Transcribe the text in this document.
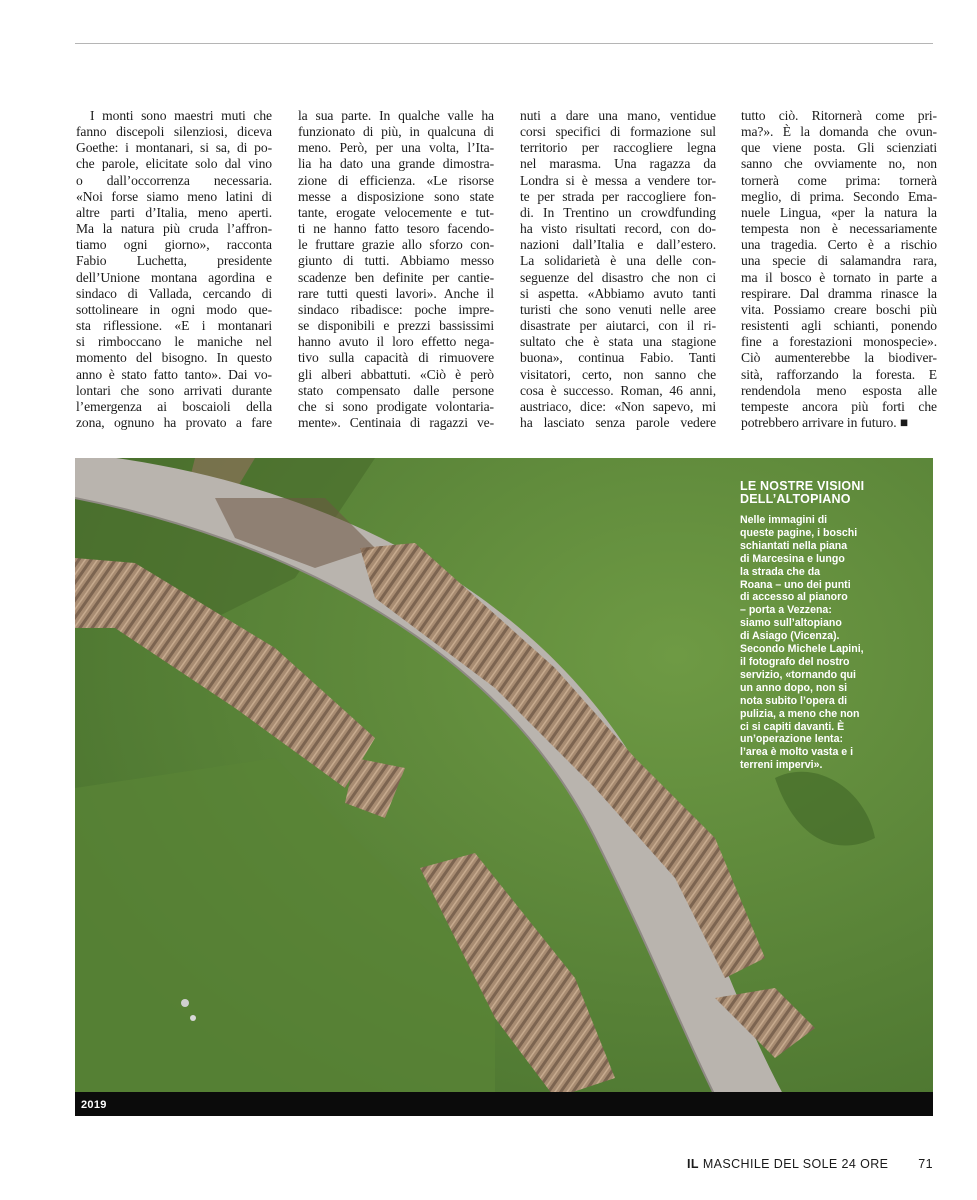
I monti sono maestri muti che
fanno discepoli silenziosi, diceva
Goethe: i montanari, si sa, di po-
che parole, elicitate solo dal vino
o dall’occorrenza necessaria.
«Noi forse siamo meno latini di
altre parti d’Italia, meno aperti.
Ma la natura più cruda l’affron-
tiamo ogni giorno», racconta
Fabio Luchetta, presidente
dell’Unione montana agordina e
sindaco di Vallada, cercando di
sottolineare in ogni modo que-
sta riflessione. «E i montanari
si rimboccano le maniche nel
momento del bisogno. In questo
anno è stato fatto tanto». Dai vo-
lontari che sono arrivati durante
l’emergenza ai boscaioli della
zona, ognuno ha provato a fare
la sua parte. In qualche valle ha
funzionato di più, in qualcuna di
meno. Però, per una volta, l’Ita-
lia ha dato una grande dimostra-
zione di efficienza. «Le risorse
messe a disposizione sono state
tante, erogate velocemente e tut-
ti ne hanno fatto tesoro facendo-
le fruttare grazie allo sforzo con-
giunto di tutti. Abbiamo messo
scadenze ben definite per cantie-
rare tutti questi lavori». Anche il
sindaco ribadisce: poche impre-
se disponibili e prezzi bassissimi
hanno avuto il loro effetto nega-
tivo sulla capacità di rimuovere
gli alberi abbattuti. «Ciò è però
stato compensato dalle persone
che si sono prodigate volontaria-
mente». Centinaia di ragazzi ve-
nuti a dare una mano, ventidue
corsi specifici di formazione sul
territorio per raccogliere legna
nel marasma. Una ragazza da
Londra si è messa a vendere tor-
te per strada per raccogliere fon-
di. In Trentino un crowdfunding
ha visto risultati record, con do-
nazioni dall’Italia e dall’estero.
La solidarietà è una delle con-
seguenze del disastro che non ci
si aspetta. «Abbiamo avuto tanti
turisti che sono venuti nelle aree
disastrate per aiutarci, con il ri-
sultato che è stata una stagione
buona», continua Fabio. Tanti
visitatori, certo, non sanno che
cosa è successo. Roman, 46 anni,
austriaco, dice: «Non sapevo, mi
ha lasciato senza parole vedere
tutto ciò. Ritornerà come pri-
ma?». È la domanda che ovun-
que viene posta. Gli scienziati
sanno che ovviamente no, non
tornerà come prima: tornerà
meglio, di prima. Secondo Ema-
nuele Lingua, «per la natura la
tempesta non è necessariamente
una tragedia. Certo è a rischio
una specie di salamandra rara,
ma il bosco è tornato in parte a
respirare. Dal dramma rinasce la
vita. Possiamo creare boschi più
resistenti agli schianti, ponendo
fine a forestazioni monospecie».
Ciò aumenterebbe la biodiver-
sità, rafforzando la foresta. E
rendendola meno esposta alle
tempeste ancora più forti che
potrebbero arrivare in futuro. ■
LE NOSTRE VISIONI
DELL’ALTOPIANO
Nelle immagini di
queste pagine, i boschi
schiantati nella piana
di Marcesina e lungo
la strada che da
Roana – uno dei punti
di accesso al pianoro
– porta a Vezzena:
siamo sull’altopiano
di Asiago (Vicenza).
Secondo Michele Lapini,
il fotografo del nostro
servizio, «tornando qui
un anno dopo, non si
nota subito l’opera di
pulizia, a meno che non
ci si capiti davanti. È
un’operazione lenta:
l’area è molto vasta e i
terreni impervi».
2019
IL MASCHILE DEL SOLE 24 ORE 71
